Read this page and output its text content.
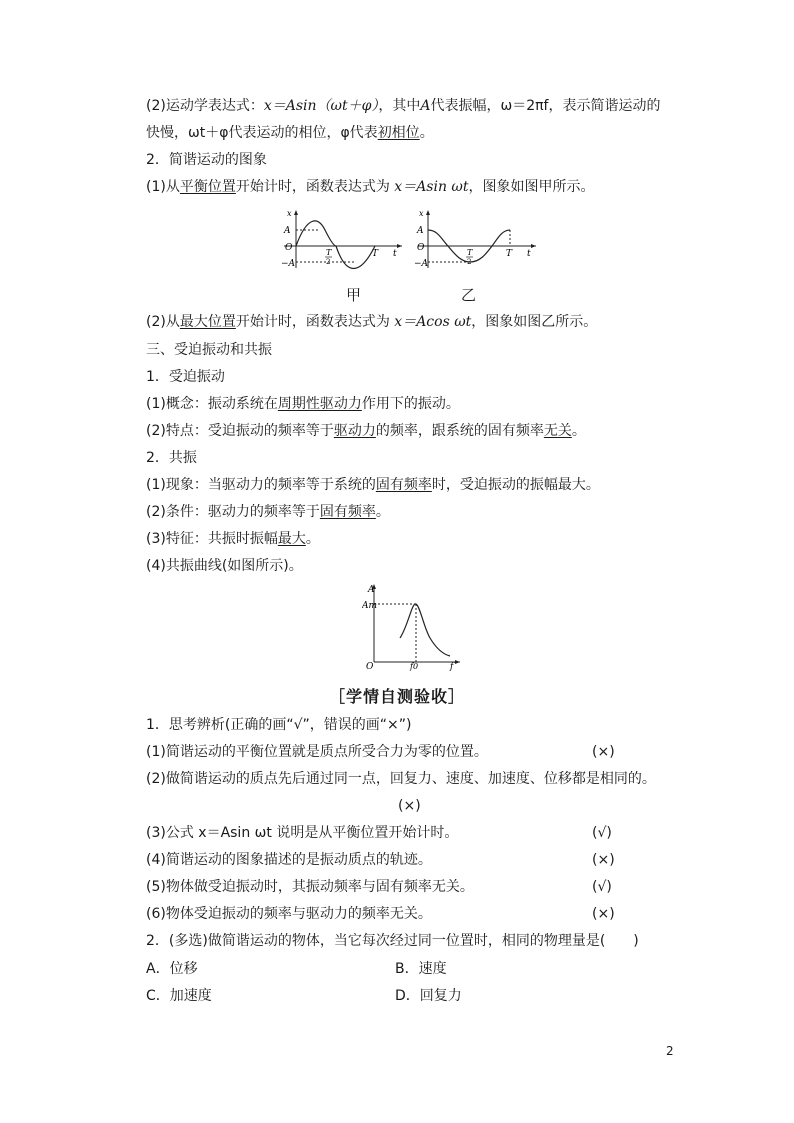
(2)运动学表达式：x＝Asin（ωt＋φ），其中A代表振幅，ω＝2πf，表示简谐运动的
快慢，ωt＋φ代表运动的相位，φ代表初相位。
2．简谐运动的图象
(1)从平衡位置开始计时，函数表达式为 x＝Asin ωt，图象如图甲所示。
x
A
−A
O	T
2
T t
x
A
−A
O	T
2
T t
甲	乙
(2)从最大位置开始计时，函数表达式为 x＝Acos ωt，图象如图乙所示。
三、受迫振动和共振
1．受迫振动
(1)概念：振动系统在周期性驱动力作用下的振动。
(2)特点：受迫振动的频率等于驱动力的频率，跟系统的固有频率无关。
2．共振
(1)现象：当驱动力的频率等于系统的固有频率时，受迫振动的振幅最大。
(2)条件：驱动力的频率等于固有频率。
(3)特征：共振时振幅最大。
(4)共振曲线(如图所示)。
A
Am
O	f0	f
［学情自测验收］
1．思考辨析(正确的画“√”，错误的画“×”)
(1)简谐运动的平衡位置就是质点所受合力为零的位置。	(×)
(2)做简谐运动的质点先后通过同一点，回复力、速度、加速度、位移都是相同的。
(×)
(3)公式 x＝Asin ωt 说明是从平衡位置开始计时。	(√)
(4)简谐运动的图象描述的是振动质点的轨迹。	(×)
(5)物体做受迫振动时，其振动频率与固有频率无关。	(√)
(6)物体受迫振动的频率与驱动力的频率无关。	(×)
2．(多选)做简谐运动的物体，当它每次经过同一位置时，相同的物理量是(　　)
A．位移	B．速度
C．加速度	D．回复力
2
